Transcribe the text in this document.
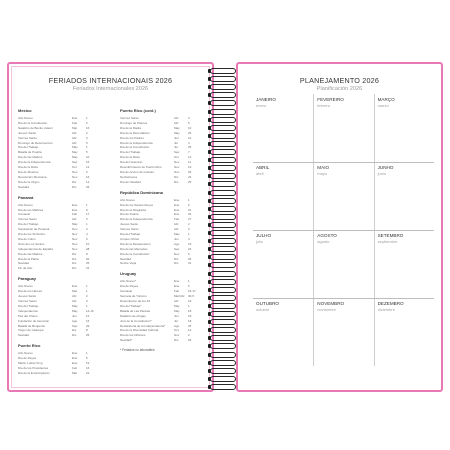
FERIADOS INTERNACIONAIS 2026
Feriados Internacionales 2026
Mexico
Año Nuevo	Ene	1
Día de la Constitución	Feb	2
Natalicio de Benito Juárez	Mar	16
Jueves Santo	Abr	2
Viernes Santo	Abr	3
Domingo de Resurrección	Abr	5
Día del Trabajo	May	1
Batalla de Puebla	May	5
Día de las Madres	May	10
Día de la Independencia	Sep	16
Día de la Raza	Oct	12
Día de Muertos	Nov	2
Revolución Mexicana	Nov	16
Día de la Virgen	Dic	12
Navidad	Dic	25
Panamá
Año Nuevo	Ene	1
Día de los Mártires	Ene	9
Carnaval	Feb	17
Viernes Santo	Abr	3
Día del Trabajo	May	1
Separación de Panamá	Nov	3
Día de los Símbolos	Nov	4
Día de Colón	Nov	5
Grito de Los Santos	Nov	10
Independencia de España	Nov	28
Día de las Madres	Dic	8
Día de la Patria	Dic	20
Navidad	Dic	25
Fin de Año	Dic	31
Paraguay
Año Nuevo	Ene	1
Día de los Héroes	Mar	1
Jueves Santo	Abr	2
Viernes Santo	Abr	3
Día del Trabajo	May	1
Independencia	May	14-15
Paz del Chaco	Jun	12
Fundación de Asunción	Ago	15
Batalla de Boquerón	Sep	29
Virgen de Caacupé	Dic	8
Navidad	Dic	25
Puerto Rico
Año Nuevo	Ene	1
Día de Reyes	Ene	6
Martin Luther King	Ene	19
Día de los Presidentes	Feb	16
Día de la Emancipación	Mar	22
Puerto Rico (cont.)
Viernes Santo	Abr	3
Domingo de Pascua	Abr	5
Día de la Madre	May	10
Día de la Recordación	May	25
Día de los Padres	Jun	21
Día de la Independencia	Jul	4
Día de la Constitución	Jul	25
Día del Trabajo	Sep	7
Día de la Raza	Oct	12
Día del Veterano	Nov	11
Descubrimiento de Puerto Rico	Nov	19
Día de Acción de Gracias	Nov	26
Nochebuena	Dic	24
Día de Navidad	Dic	25
República Dominicana
Año Nuevo	Ene	1
Día de los Santos Reyes	Ene	6
Día de la Altagracia	Ene	21
Día de Duarte	Ene	26
Día de la Independencia	Feb	27
Jueves Santo	Abr	2
Viernes Santo	Abr	3
Día del Trabajo	May	1
Corpus Christi	Jun	4
Día de la Restauración	Ago	16
Día de las Mercedes	Sep	24
Día de la Constitución	Nov	6
Navidad	Dic	25
Noche Vieja	Dic	31
Uruguay
Año Nuevo*	Ene	1
Día de Reyes	Ene	6
Carnaval	Feb	16-17
Semana de Turismo	Mar/Abr	30-5
Desembarco de los 33	Abr	19
Día del Trabajo*	May	1
Batalla de Las Piedras	May	18
Natalicio de Artigas	Jun	19
Jura de la Constitución*	Jul	18
Declaratoria de la Independencia*	Ago	25
Día de la Diversidad Cultural	Oct	12
Día de los Difuntos	Nov	2
Navidad*	Dic	25
* Feriados no laborables
PLANEJAMENTO 2026
Planificación 2026
JANEIRO
enero
FEVEREIRO
febrero
MARÇO
marzo
ABRIL
abril
MAIO
mayo
JUNHO
junio
JULHO
julio
AGOSTO
agosto
SETEMBRO
septiembre
OUTUBRO
octubre
NOVEMBRO
noviembre
DEZEMBRO
diciembre
